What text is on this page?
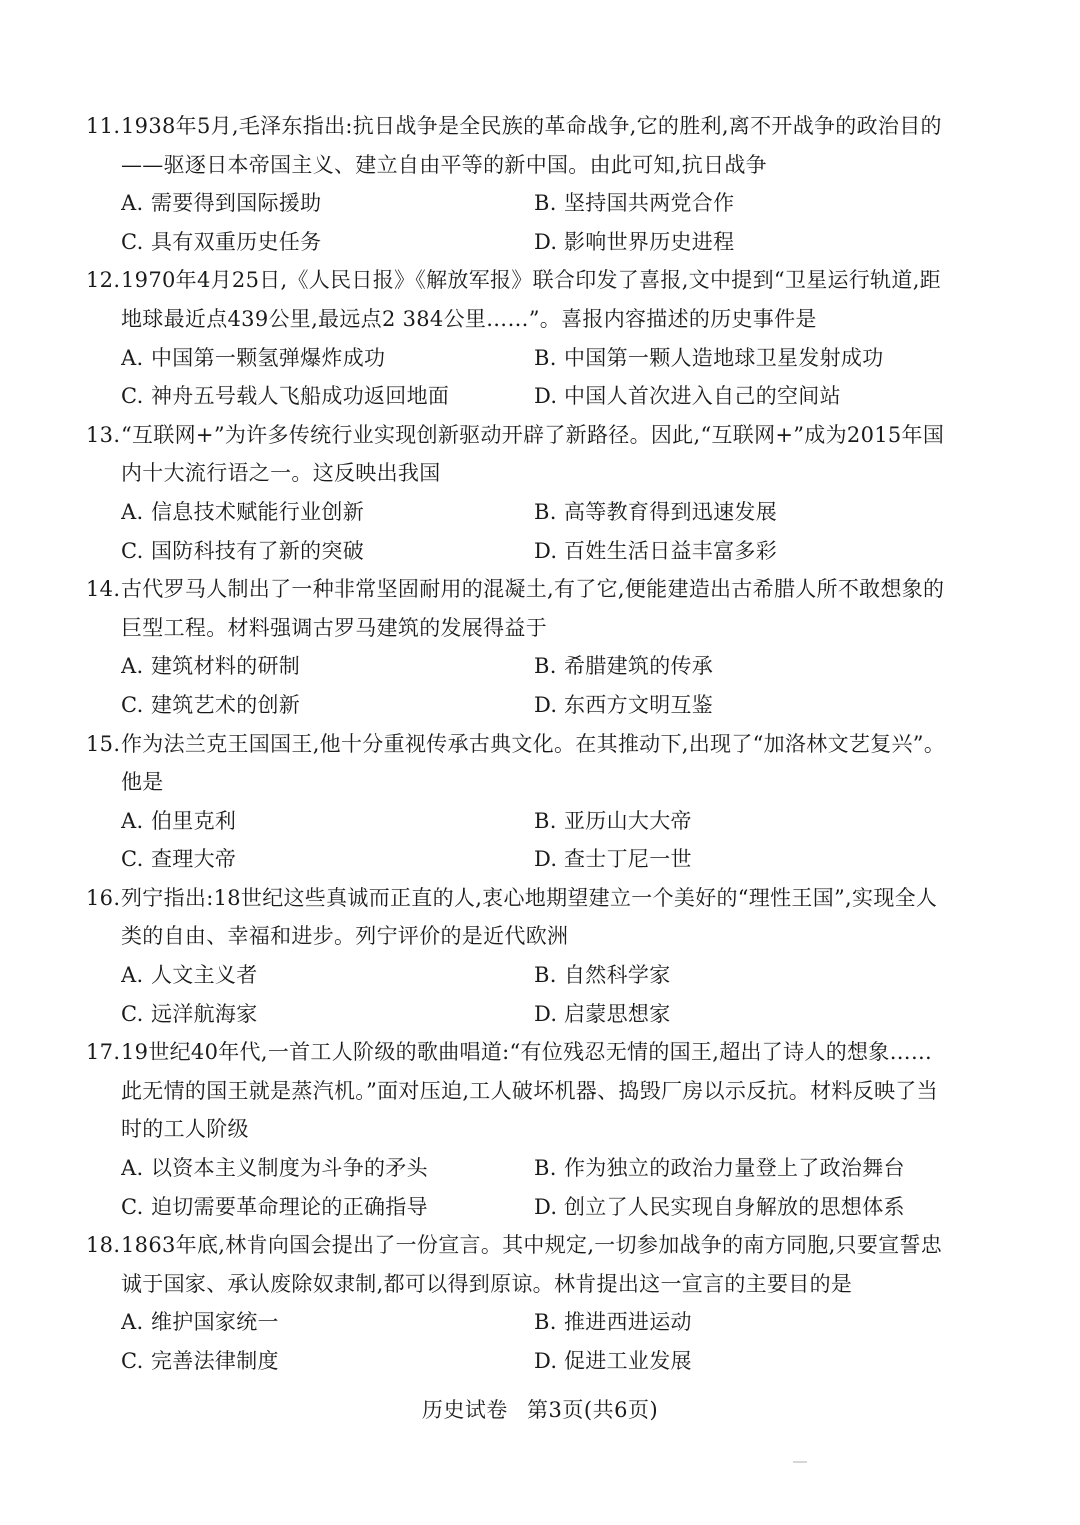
11. 1938年5月,毛泽东指出:抗日战争是全民族的革命战争,它的胜利,离不开战争的政治目的——驱逐日本帝国主义、建立自由平等的新中国。由此可知,抗日战争

A. 需要得到国际援助	B. 坚持国共两党合作
C. 具有双重历史任务	D. 影响世界历史进程

12. 1970年4月25日,《人民日报》《解放军报》联合印发了喜报,文中提到“卫星运行轨道,距地球最近点439公里,最远点2 384公里……”。喜报内容描述的历史事件是

A. 中国第一颗氢弹爆炸成功	B. 中国第一颗人造地球卫星发射成功
C. 神舟五号载人飞船成功返回地面	D. 中国人首次进入自己的空间站

13. “互联网+”为许多传统行业实现创新驱动开辟了新路径。因此,“互联网+”成为2015年国内十大流行语之一。这反映出我国

A. 信息技术赋能行业创新	B. 高等教育得到迅速发展
C. 国防科技有了新的突破	D. 百姓生活日益丰富多彩

14. 古代罗马人制出了一种非常坚固耐用的混凝土,有了它,便能建造出古希腊人所不敢想象的巨型工程。材料强调古罗马建筑的发展得益于

A. 建筑材料的研制	B. 希腊建筑的传承
C. 建筑艺术的创新	D. 东西方文明互鉴

15. 作为法兰克王国国王,他十分重视传承古典文化。在其推动下,出现了“加洛林文艺复兴”。他是

A. 伯里克利	B. 亚历山大大帝
C. 查理大帝	D. 查士丁尼一世

16. 列宁指出:18世纪这些真诚而正直的人,衷心地期望建立一个美好的“理性王国”,实现全人类的自由、幸福和进步。列宁评价的是近代欧洲

A. 人文主义者	B. 自然科学家
C. 远洋航海家	D. 启蒙思想家

17. 19世纪40年代,一首工人阶级的歌曲唱道:“有位残忍无情的国王,超出了诗人的想象……此无情的国王就是蒸汽机。”面对压迫,工人破坏机器、捣毁厂房以示反抗。材料反映了当时的工人阶级

A. 以资本主义制度为斗争的矛头	B. 作为独立的政治力量登上了政治舞台
C. 迫切需要革命理论的正确指导	D. 创立了人民实现自身解放的思想体系

18. 1863年底,林肯向国会提出了一份宣言。其中规定,一切参加战争的南方同胞,只要宣誓忠诚于国家、承认废除奴隶制,都可以得到原谅。林肯提出这一宣言的主要目的是

A. 维护国家统一	B. 推进西进运动
C. 完善法律制度	D. 促进工业发展
历史试卷 第3页(共6页)
